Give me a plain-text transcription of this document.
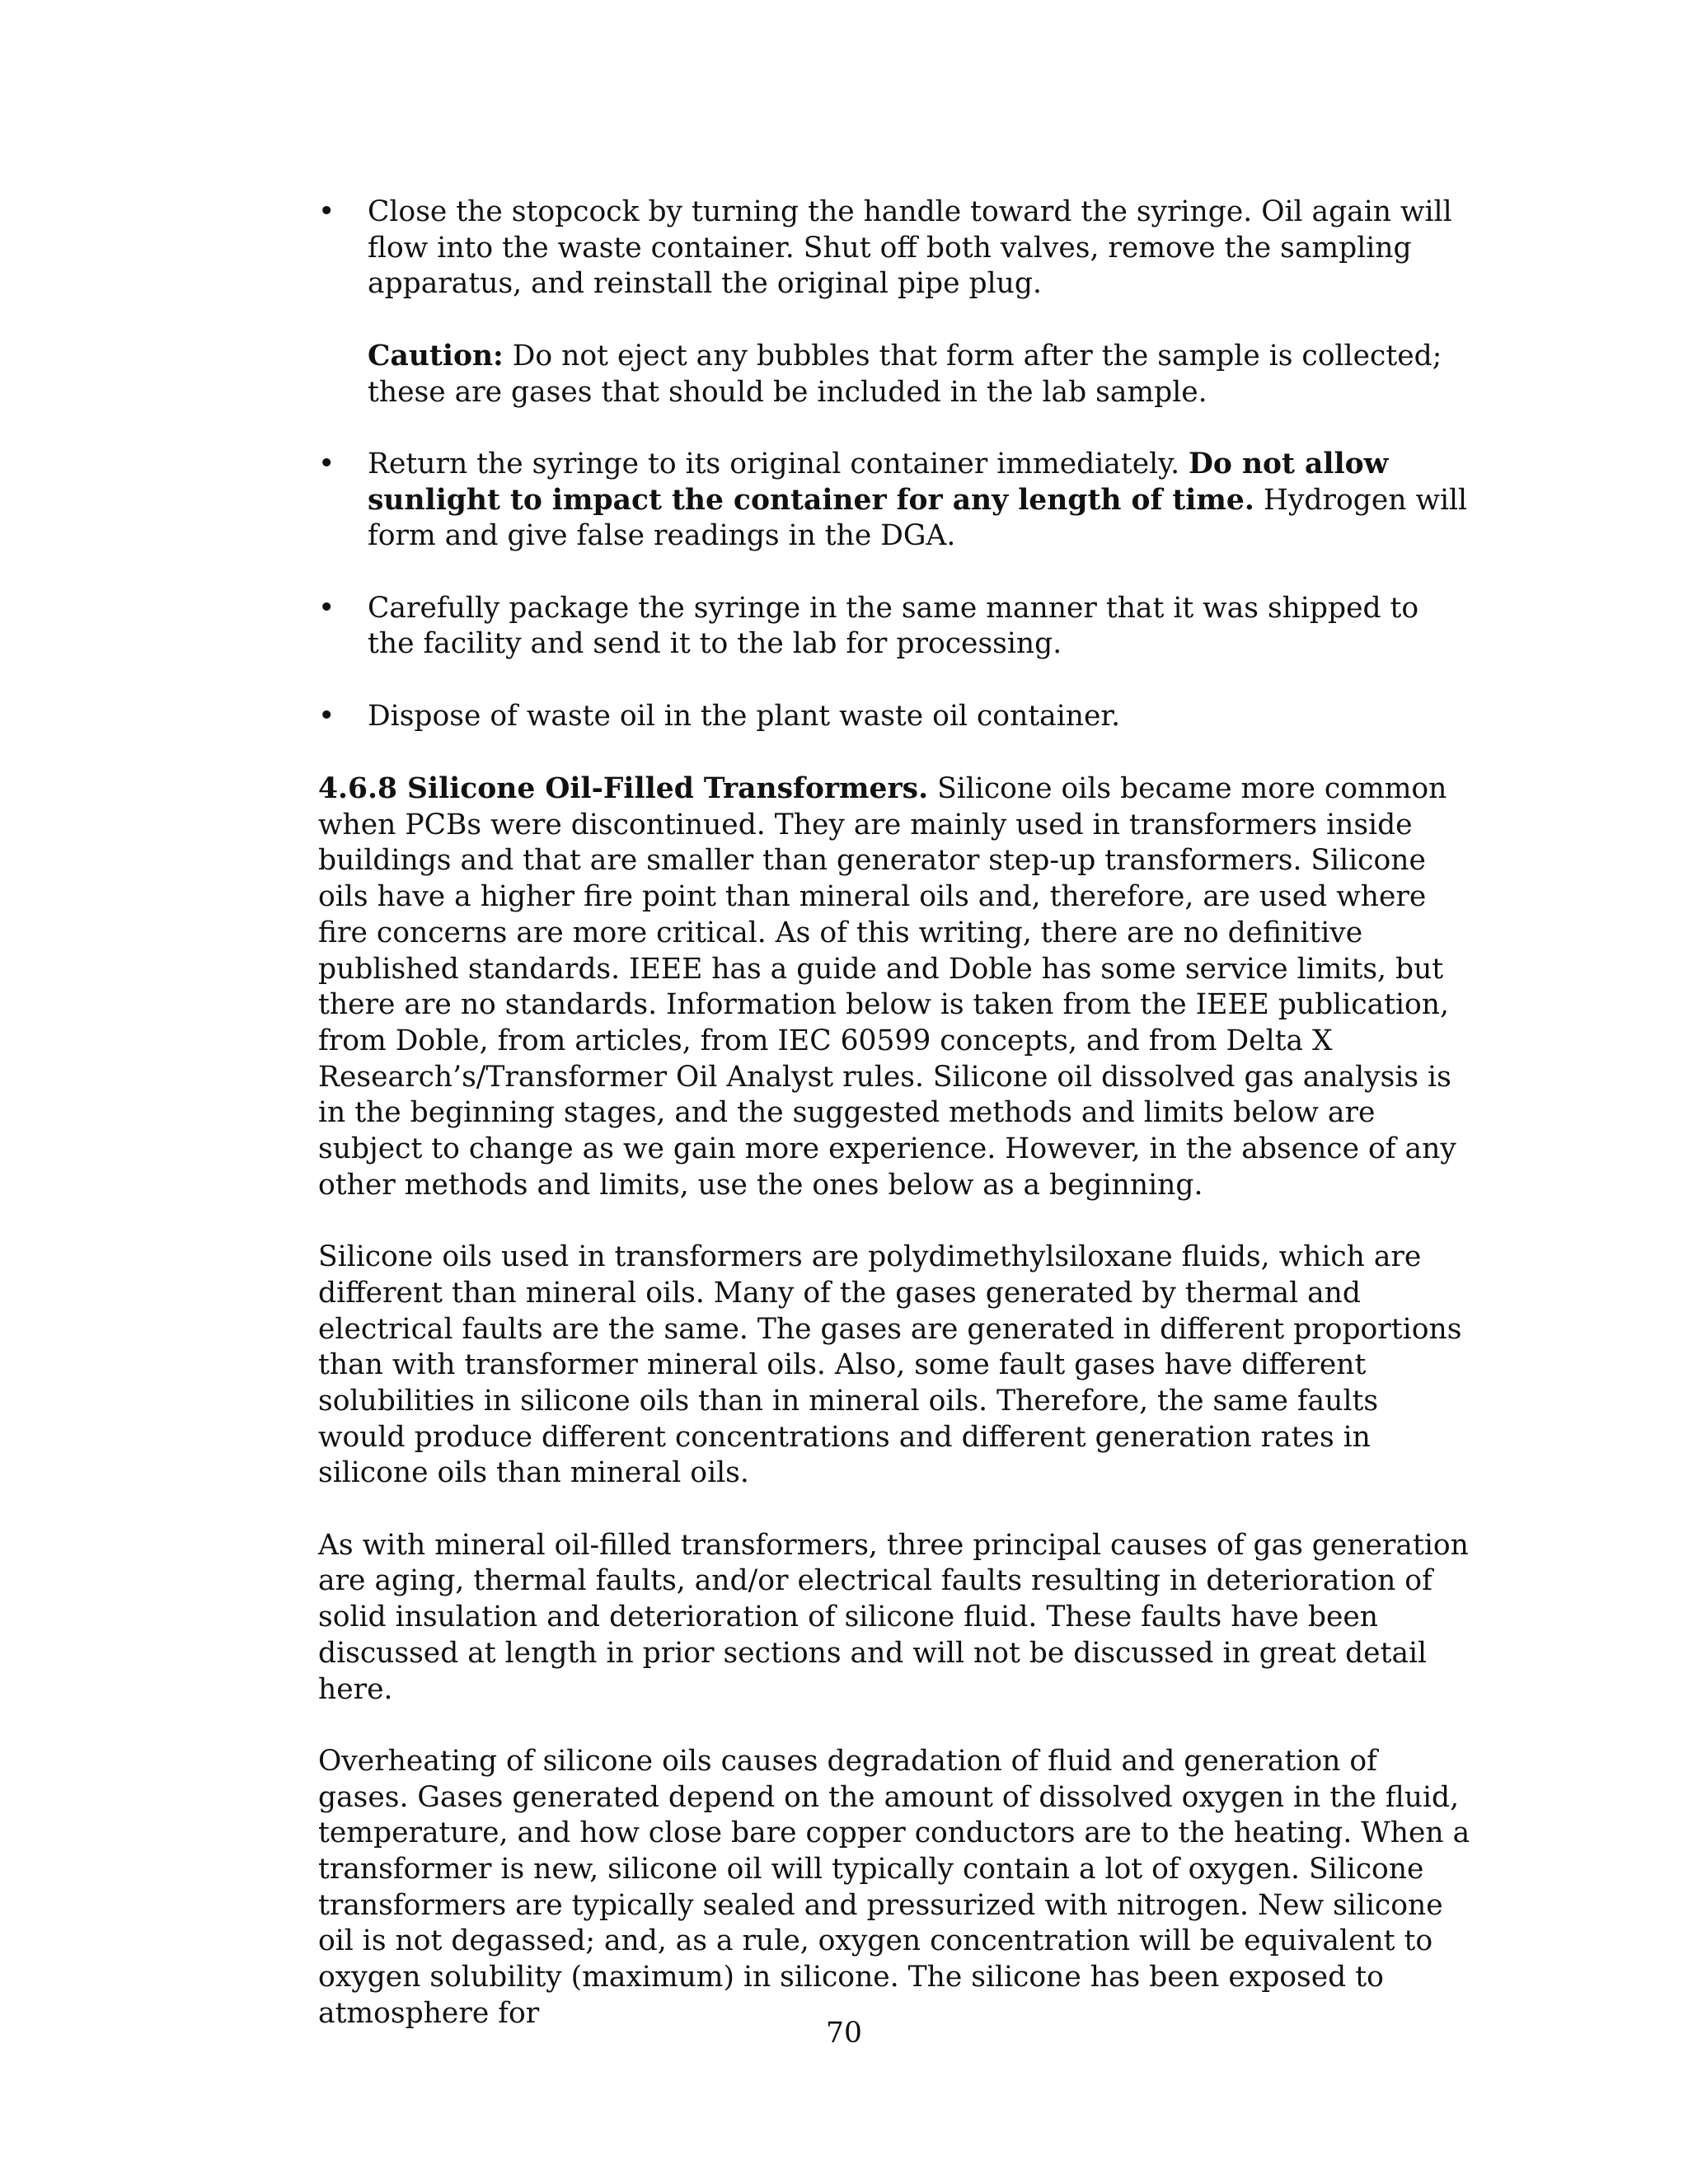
• Close the stopcock by turning the handle toward the syringe. Oil again will flow into the waste container. Shut off both valves, remove the sampling apparatus, and reinstall the original pipe plug.

Caution: Do not eject any bubbles that form after the sample is collected; these are gases that should be included in the lab sample.

• Return the syringe to its original container immediately. Do not allow sunlight to impact the container for any length of time. Hydrogen will form and give false readings in the DGA.

• Carefully package the syringe in the same manner that it was shipped to the facility and send it to the lab for processing.

• Dispose of waste oil in the plant waste oil container.

4.6.8 Silicone Oil-Filled Transformers. Silicone oils became more common when PCBs were discontinued. They are mainly used in transformers inside buildings and that are smaller than generator step-up transformers. Silicone oils have a higher fire point than mineral oils and, therefore, are used where fire concerns are more critical. As of this writing, there are no definitive published standards. IEEE has a guide and Doble has some service limits, but there are no standards. Information below is taken from the IEEE publication, from Doble, from articles, from IEC 60599 concepts, and from Delta X Research’s/Transformer Oil Analyst rules. Silicone oil dissolved gas analysis is in the beginning stages, and the suggested methods and limits below are subject to change as we gain more experience. However, in the absence of any other methods and limits, use the ones below as a beginning.

Silicone oils used in transformers are polydimethylsiloxane fluids, which are different than mineral oils. Many of the gases generated by thermal and electrical faults are the same. The gases are generated in different proportions than with transformer mineral oils. Also, some fault gases have different solubilities in silicone oils than in mineral oils. Therefore, the same faults would produce different concentrations and different generation rates in silicone oils than mineral oils.

As with mineral oil-filled transformers, three principal causes of gas generation are aging, thermal faults, and/or electrical faults resulting in deterioration of solid insulation and deterioration of silicone fluid. These faults have been discussed at length in prior sections and will not be discussed in great detail here.

Overheating of silicone oils causes degradation of fluid and generation of gases. Gases generated depend on the amount of dissolved oxygen in the fluid, temperature, and how close bare copper conductors are to the heating. When a transformer is new, silicone oil will typically contain a lot of oxygen. Silicone transformers are typically sealed and pressurized with nitrogen. New silicone oil is not degassed; and, as a rule, oxygen concentration will be equivalent to oxygen solubility (maximum) in silicone. The silicone has been exposed to atmosphere for

70
